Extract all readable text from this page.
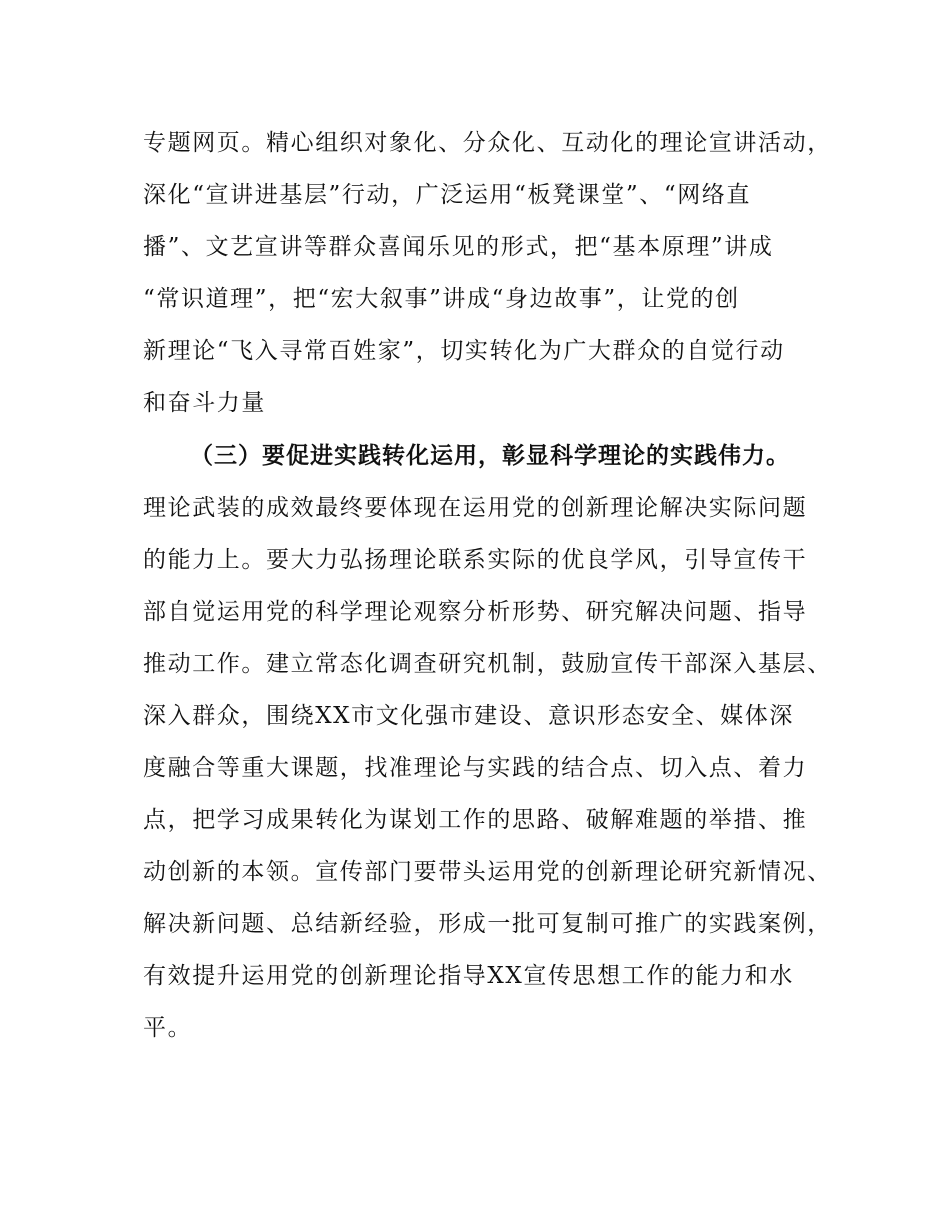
专题网页。精心组织对象化、分众化、互动化的理论宣讲活动，
深化“宣讲进基层”行动，广泛运用“板凳课堂”、“网络直
播”、文艺宣讲等群众喜闻乐见的形式，把“基本原理”讲成
“常识道理”，把“宏大叙事”讲成“身边故事”，让党的创
新理论“飞入寻常百姓家”，切实转化为广大群众的自觉行动
和奋斗力量
（三）要促进实践转化运用，彰显科学理论的实践伟力。
理论武装的成效最终要体现在运用党的创新理论解决实际问题
的能力上。要大力弘扬理论联系实际的优良学风，引导宣传干
部自觉运用党的科学理论观察分析形势、研究解决问题、指导
推动工作。建立常态化调查研究机制，鼓励宣传干部深入基层、
深入群众，围绕XX市文化强市建设、意识形态安全、媒体深
度融合等重大课题，找准理论与实践的结合点、切入点、着力
点，把学习成果转化为谋划工作的思路、破解难题的举措、推
动创新的本领。宣传部门要带头运用党的创新理论研究新情况、
解决新问题、总结新经验，形成一批可复制可推广的实践案例，
有效提升运用党的创新理论指导XX宣传思想工作的能力和水
平。
